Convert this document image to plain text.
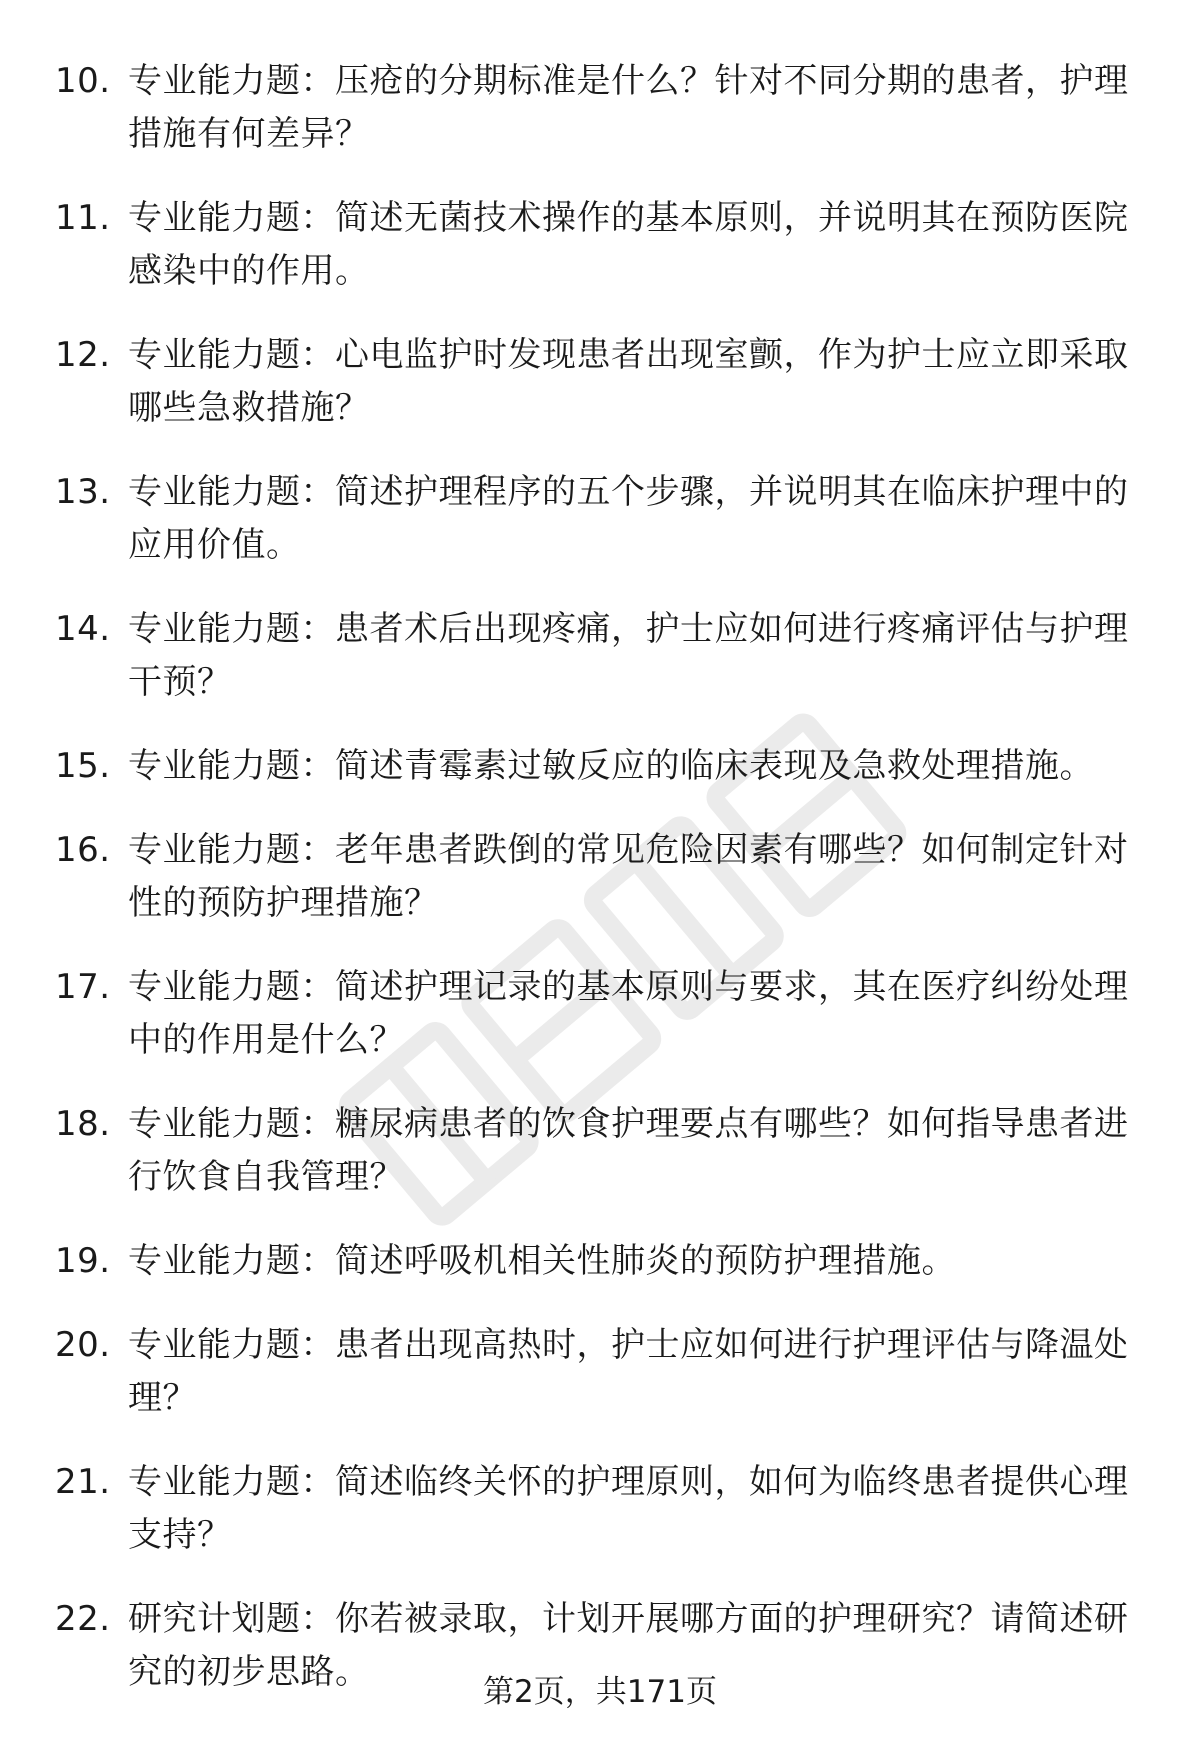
10. 专业能力题：压疮的分期标准是什么？针对不同分期的患者，护理措施有何差异？
11. 专业能力题：简述无菌技术操作的基本原则，并说明其在预防医院感染中的作用。
12. 专业能力题：心电监护时发现患者出现室颤，作为护士应立即采取哪些急救措施？
13. 专业能力题：简述护理程序的五个步骤，并说明其在临床护理中的应用价值。
14. 专业能力题：患者术后出现疼痛，护士应如何进行疼痛评估与护理干预？
15. 专业能力题：简述青霉素过敏反应的临床表现及急救处理措施。
16. 专业能力题：老年患者跌倒的常见危险因素有哪些？如何制定针对性的预防护理措施？
17. 专业能力题：简述护理记录的基本原则与要求，其在医疗纠纷处理中的作用是什么？
18. 专业能力题：糖尿病患者的饮食护理要点有哪些？如何指导患者进行饮食自我管理？
19. 专业能力题：简述呼吸机相关性肺炎的预防护理措施。
20. 专业能力题：患者出现高热时，护士应如何进行护理评估与降温处理？
21. 专业能力题：简述临终关怀的护理原则，如何为临终患者提供心理支持？
22. 研究计划题：你若被录取，计划开展哪方面的护理研究？请简述研究的初步思路。	第2页，共171页
